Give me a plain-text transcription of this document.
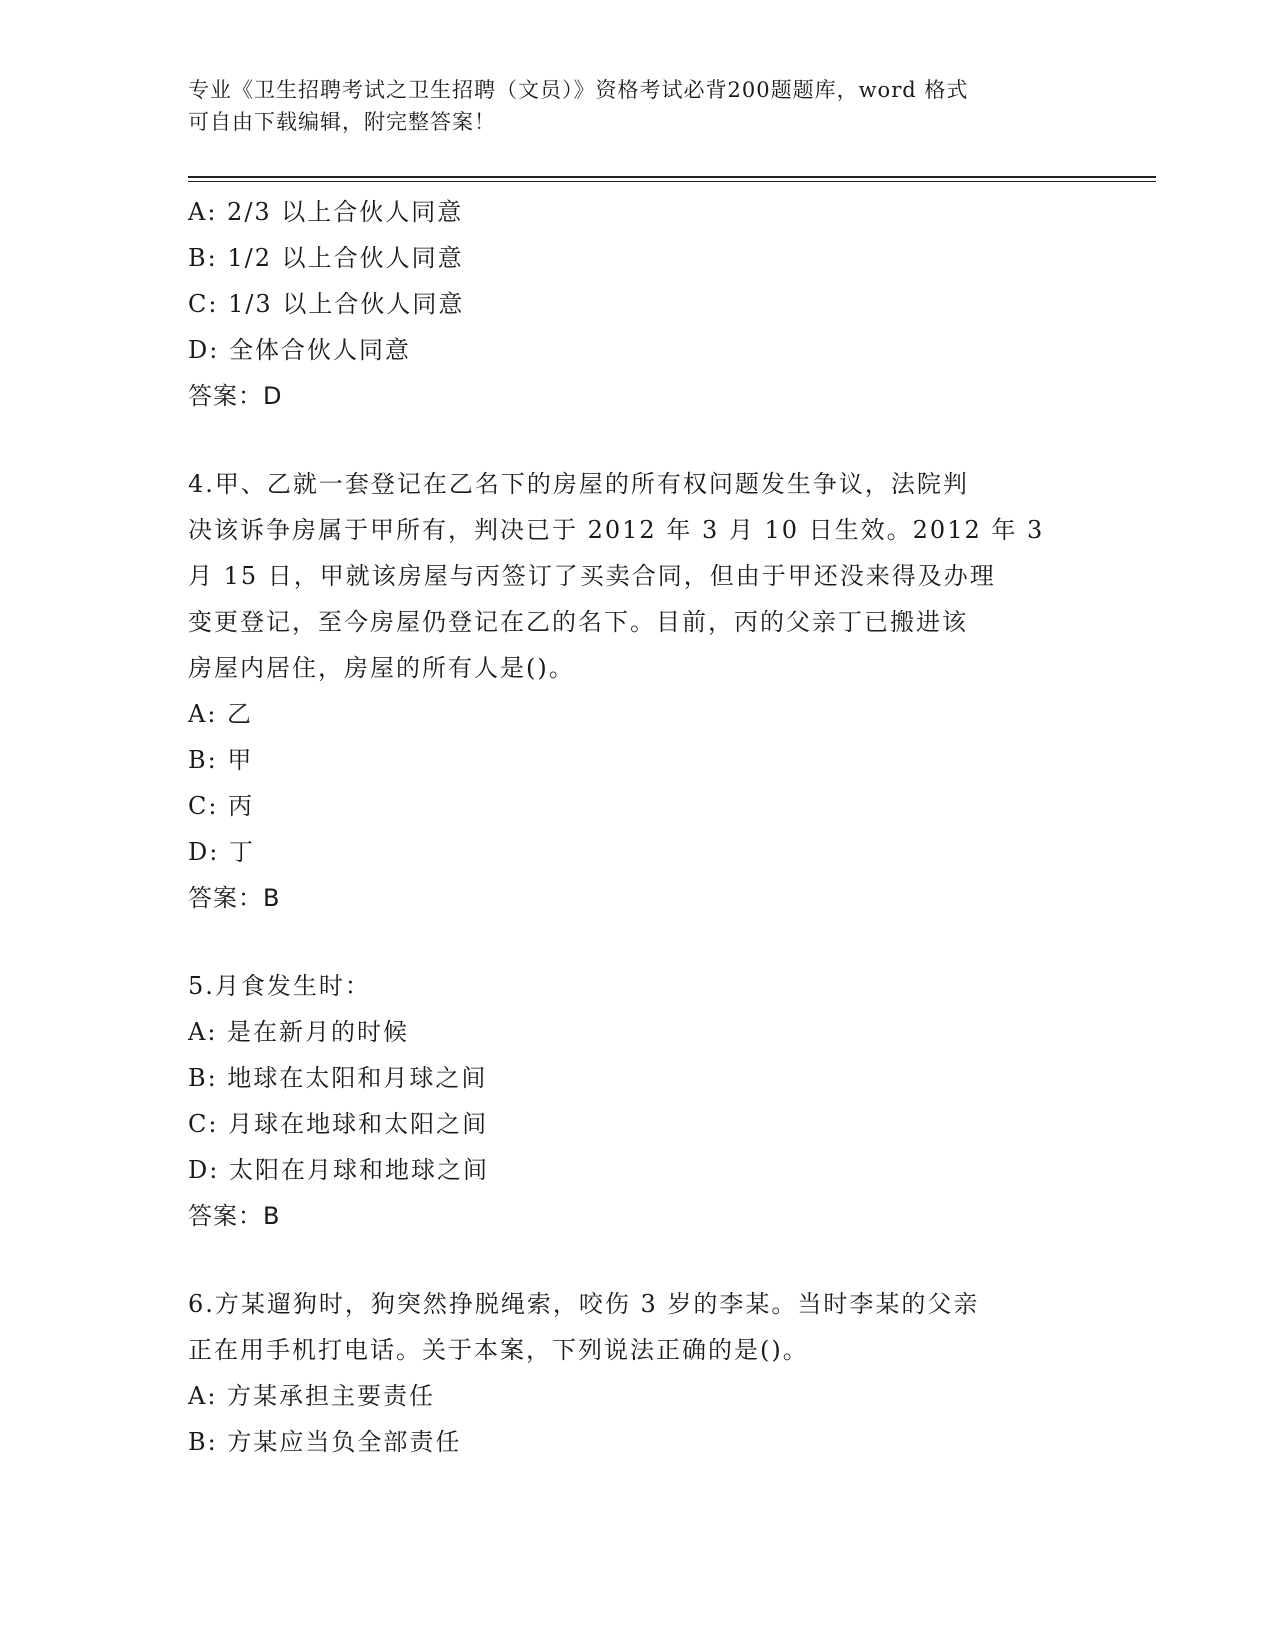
专业《卫生招聘考试之卫生招聘（文员）》资格考试必背200题题库，word 格式
可自由下载编辑，附完整答案！
A: 2/3 以上合伙人同意
B: 1/2 以上合伙人同意
C: 1/3 以上合伙人同意
D: 全体合伙人同意
答案：D
4.甲、乙就一套登记在乙名下的房屋的所有权问题发生争议，法院判
决该诉争房属于甲所有，判决已于 2012 年 3 月 10 日生效。2012 年 3
月 15 日，甲就该房屋与丙签订了买卖合同，但由于甲还没来得及办理
变更登记，至今房屋仍登记在乙的名下。目前，丙的父亲丁已搬进该
房屋内居住，房屋的所有人是()。
A: 乙
B: 甲
C: 丙
D: 丁
答案：B
5.月食发生时：
A: 是在新月的时候
B: 地球在太阳和月球之间
C: 月球在地球和太阳之间
D: 太阳在月球和地球之间
答案：B
6.方某遛狗时，狗突然挣脱绳索，咬伤 3 岁的李某。当时李某的父亲
正在用手机打电话。关于本案，下列说法正确的是()。
A: 方某承担主要责任
B: 方某应当负全部责任
